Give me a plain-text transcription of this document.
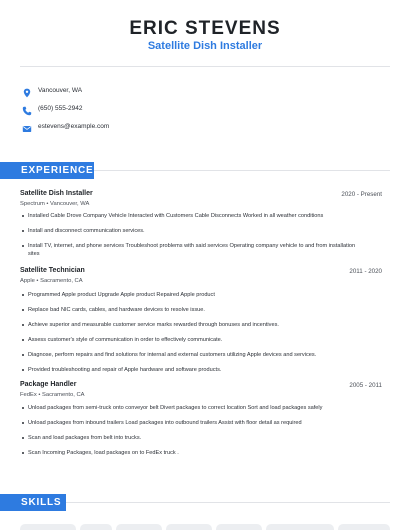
ERIC STEVENS
Satellite Dish Installer
Vancouver, WA
(650) 555-2942
estevens@example.com
EXPERIENCE
Satellite Dish Installer	2020 - Present
Spectrum • Vancouver, WA
Installed Cable Drove Company Vehicle Interacted with Customers Cable Disconnects Worked in all weather conditions
Install and disconnect communication services.
Install TV, internet, and phone services Troubleshoot problems with said services Operating company vehicle to and from installation sites
Satellite Technician	2011 - 2020
Apple • Sacramento, CA
Programmed Apple product Upgrade Apple product Repaired Apple product
Replace bad NIC cards, cables, and hardware devices to resolve issue.
Achieve superior and measurable customer service marks rewarded through bonuses and incentives.
Assess customer's style of communication in order to effectively communicate.
Diagnose, perform repairs and find solutions for internal and external customers utilizing Apple devices and services.
Provided troubleshooting and repair of Apple hardware and software products.
Package Handler	2005 - 2011
FedEx • Sacramento, CA
Unload packages from semi-truck onto conveyor belt Divert packages to correct location Sort and load packages safely
Unload packages from inbound trailers Load packages into outbound trailers Assist with floor detail as required
Scan and load packages from belt into trucks.
Scan Incoming Packages, load packages on to FedEx truck .
SKILLS
